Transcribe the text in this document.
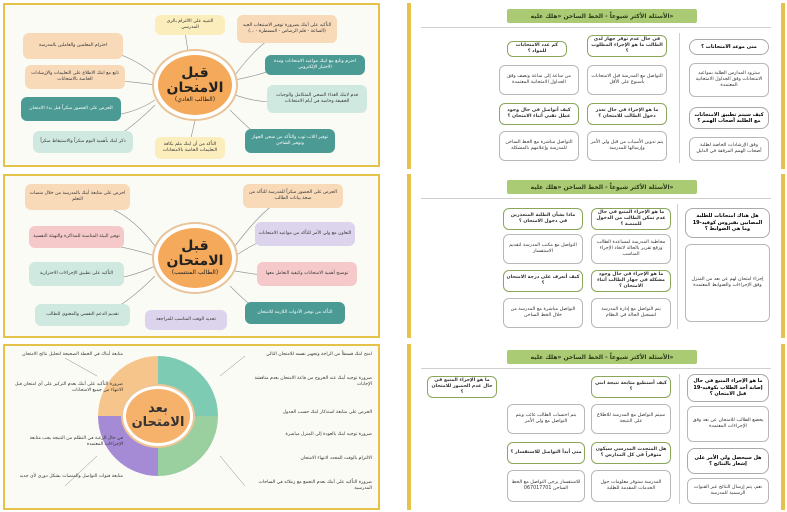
قبل الامتحان
(الطالب العادي)
التأكيد على أبنك بضرورة توفير الاستيعاب الجيد (الساعة - قلم الرصاص - المسطرة - ...)
التنبيه على الالتزام بالزي المدرسي
احترام المعلمين والعاملين بالمدرسة
احترم وتابع مع ابنك مواعيد الامتحانات ومدة الاختبار الإلكتروني
قدم لابنك الغذاء الصحي المتكامل والوجبات الخفيفة وخاصة في أيام الامتحانات
توفير اللاب توب والتأكد من شحن الجهاز وتوفير الشاحن
التأكد من أن ابنك ملم بكافة التعليمات الخاصة بالامتحانات
ذكر ابنك بأهمية النوم مبكراً والاستيقاظ مبكراً
الحرص على الحضور مبكراً قبل بدء الامتحان
تابع مع ابنك الاطلاع على التعليمات والإرشادات الخاصة بالامتحانات
قبل الامتحان
(الطالب المنتسب)
الحرص على الحضور مبكراً للمدرسة للتأكد من صحة بيانات الطالب
احرص على متابعة أبنك بالمدرسة من خلال منصات التعلم
التعاون مع ولي الأمر للتأكد من مواعيد الامتحانات
توفير البيئة المناسبة للمذاكرة والتهيئة النفسية
توضيح أهمية الامتحانات وكيفية التعامل معها
التأكيد على تطبيق الإجراءات الاحترازية
التأكد من توفير الأدوات اللازمة للامتحان
تحديد الوقت المناسب للمراجعة
تقديم الدعم النفسي والمعنوي للطالب
بعد الامتحان
متابعة أبناك في الخطة الصحيحة لتحليل نتائج الامتحان
ضرورة التأكيد على أبنك بعدم التركيز على أي امتحان قبل الانتهاء من جميع الامتحانات
في حال الرغبة في التظلم من النتيجة يجب متابعة الإجراءات المعتمدة
متابعة قنوات التواصل والمنصات بشكل دوري لأي جديد
امنح ابنك قسطاً من الراحة وتجهيز نفسه للامتحان التالي
ضرورة توجيه أبنك عند الخروج من قاعة الامتحان بعدم مناقشة الإجابات
الحرص على متابعة استذكار ابنك حسب الجدول
ضرورة توجيه ابنك بالعودة إلى المنزل مباشرة
الالتزام بالوقت المحدد لانتهاء الامتحان
ضرورة التأكيد على أبنك بعدم التجمع مع زملائه في الساحات المدرسية
الأسئلة الأكثر شيوعاً - الخط الساخن «هلك عليه»
متى موعد الامتحانات ؟
ستزود المدارس الطلبة بمواعيد الامتحانات وفق الجداول الامتحانية المعتمدة
كيف سيتم تطبيق الامتحانات مع الطلبة أصحاب الهمم ؟
وفق الإرشادات الخاصة لطلبة أصحاب الهمم المرفقة في الدليل
كم عدد الامتحانات للمواد ؟
في حال عدم توفر جهاز لدى الطالب ما هو الإجراء المطلوب ؟
من ساعة إلى ساعة ونصف وفق الجداول الامتحانية المعتمدة
التواصل مع المدرسة قبل الامتحانات بأسبوع على الأقل
كيف أتواصل في حال وجود عطل تقني أثناء الامتحان ؟
ما هو الإجراء في حال تعذر دخول الطالب للامتحان ؟
التواصل مباشرة مع الخط الساخن للمدرسة وإعلامهم بالمشكلة
يتم تدوين الأسباب من قبل ولي الأمر وإرسالها للمدرسة
الأسئلة الأكثر شيوعاً - الخط الساخن «هلك عليه»
هل هناك امتحانات للطلبة المصابين بفيروس كوفيد-19 وما هي الضوابط ؟
إجراء امتحان لهم عن بعد من المنزل وفق الإجراءات والضوابط المعتمدة
ما هو الإجراء المتبع في حال عدم تمكن الطالب من الدخول للمنصة ؟
ماذا بشأن الطلبة المتعذرين في دخول الامتحان ؟
مخاطبة المدرسة لمساعدة الطالب ورفع تقرير بالحالة لاتخاذ الإجراء المناسب
التواصل مع مكتب المدرسة لتقديم الاستفسار
ما هو الإجراء في حال وجود مشكلة في جهاز الطالب أثناء الامتحان ؟
كيف أتعرف على درجة الامتحان ؟
يتم التواصل مع إدارة المدرسة لتسجيل الحالة في النظام
التواصل مباشرة مع المدرسة من خلال الخط الساخن
الأسئلة الأكثر شيوعاً - الخط الساخن «هلك عليه»
ما هو الإجراء المتبع في حال إصابة أحد الطلاب بكوفيد-19 قبل الامتحان ؟
يخضع الطالب للامتحان عن بعد وفق الإجراءات المعتمدة
هل سيحصل ولي الأمر على إشعار بالنتائج ؟
نعم، يتم إرسال النتائج عبر القنوات الرسمية للمدرسة
كيف أستطيع متابعة نتيجة ابني ؟
ما هو الإجراء المتبع في حال عدم الحضور للامتحان ؟
سيتم التواصل مع المدرسة للاطلاع على النتيجة
يتم احتساب الطالب غائب ويتم التواصل مع ولي الأمر
هل المتحدث المدرسي سيكون متوفراً في كل المدارس ؟
متى أبدأ التواصل للاستفسار ؟
المدرسة ستوفر معلومات حول الخدمات المقدمة للطلبة
للاستفسار يرجى التواصل مع الخط الساخن 067017701
